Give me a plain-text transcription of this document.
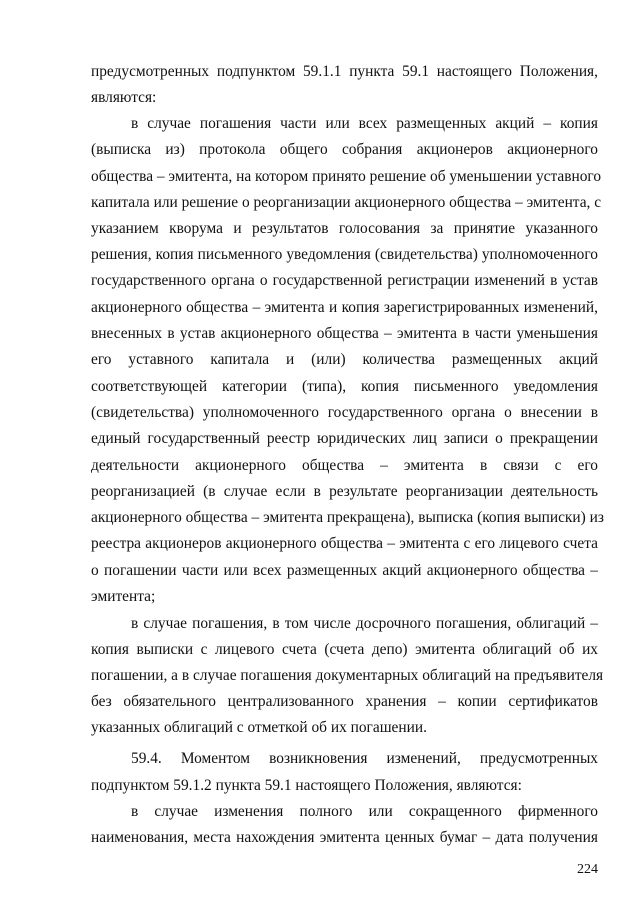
предусмотренных подпунктом 59.1.1 пункта 59.1 настоящего Положения,
являются:
в случае погашения части или всех размещенных акций – копия
(выписка из) протокола общего собрания акционеров акционерного
общества – эмитента, на котором принято решение об уменьшении уставного
капитала или решение о реорганизации акционерного общества – эмитента, с
указанием кворума и результатов голосования за принятие указанного
решения, копия письменного уведомления (свидетельства) уполномоченного
государственного органа о государственной регистрации изменений в устав
акционерного общества – эмитента и копия зарегистрированных изменений,
внесенных в устав акционерного общества – эмитента в части уменьшения
его уставного капитала и (или) количества размещенных акций
соответствующей категории (типа), копия письменного уведомления
(свидетельства) уполномоченного государственного органа о внесении в
единый государственный реестр юридических лиц записи о прекращении
деятельности акционерного общества – эмитента в связи с его
реорганизацией (в случае если в результате реорганизации деятельность
акционерного общества – эмитента прекращена), выписка (копия выписки) из
реестра акционеров акционерного общества – эмитента с его лицевого счета
о погашении части или всех размещенных акций акционерного общества –
эмитента;
в случае погашения, в том числе досрочного погашения, облигаций –
копия выписки с лицевого счета (счета депо) эмитента облигаций об их
погашении, а в случае погашения документарных облигаций на предъявителя
без обязательного централизованного хранения – копии сертификатов
указанных облигаций с отметкой об их погашении.
59.4. Моментом возникновения изменений, предусмотренных
подпунктом 59.1.2 пункта 59.1 настоящего Положения, являются:
в случае изменения полного или сокращенного фирменного
наименования, места нахождения эмитента ценных бумаг – дата получения
224
